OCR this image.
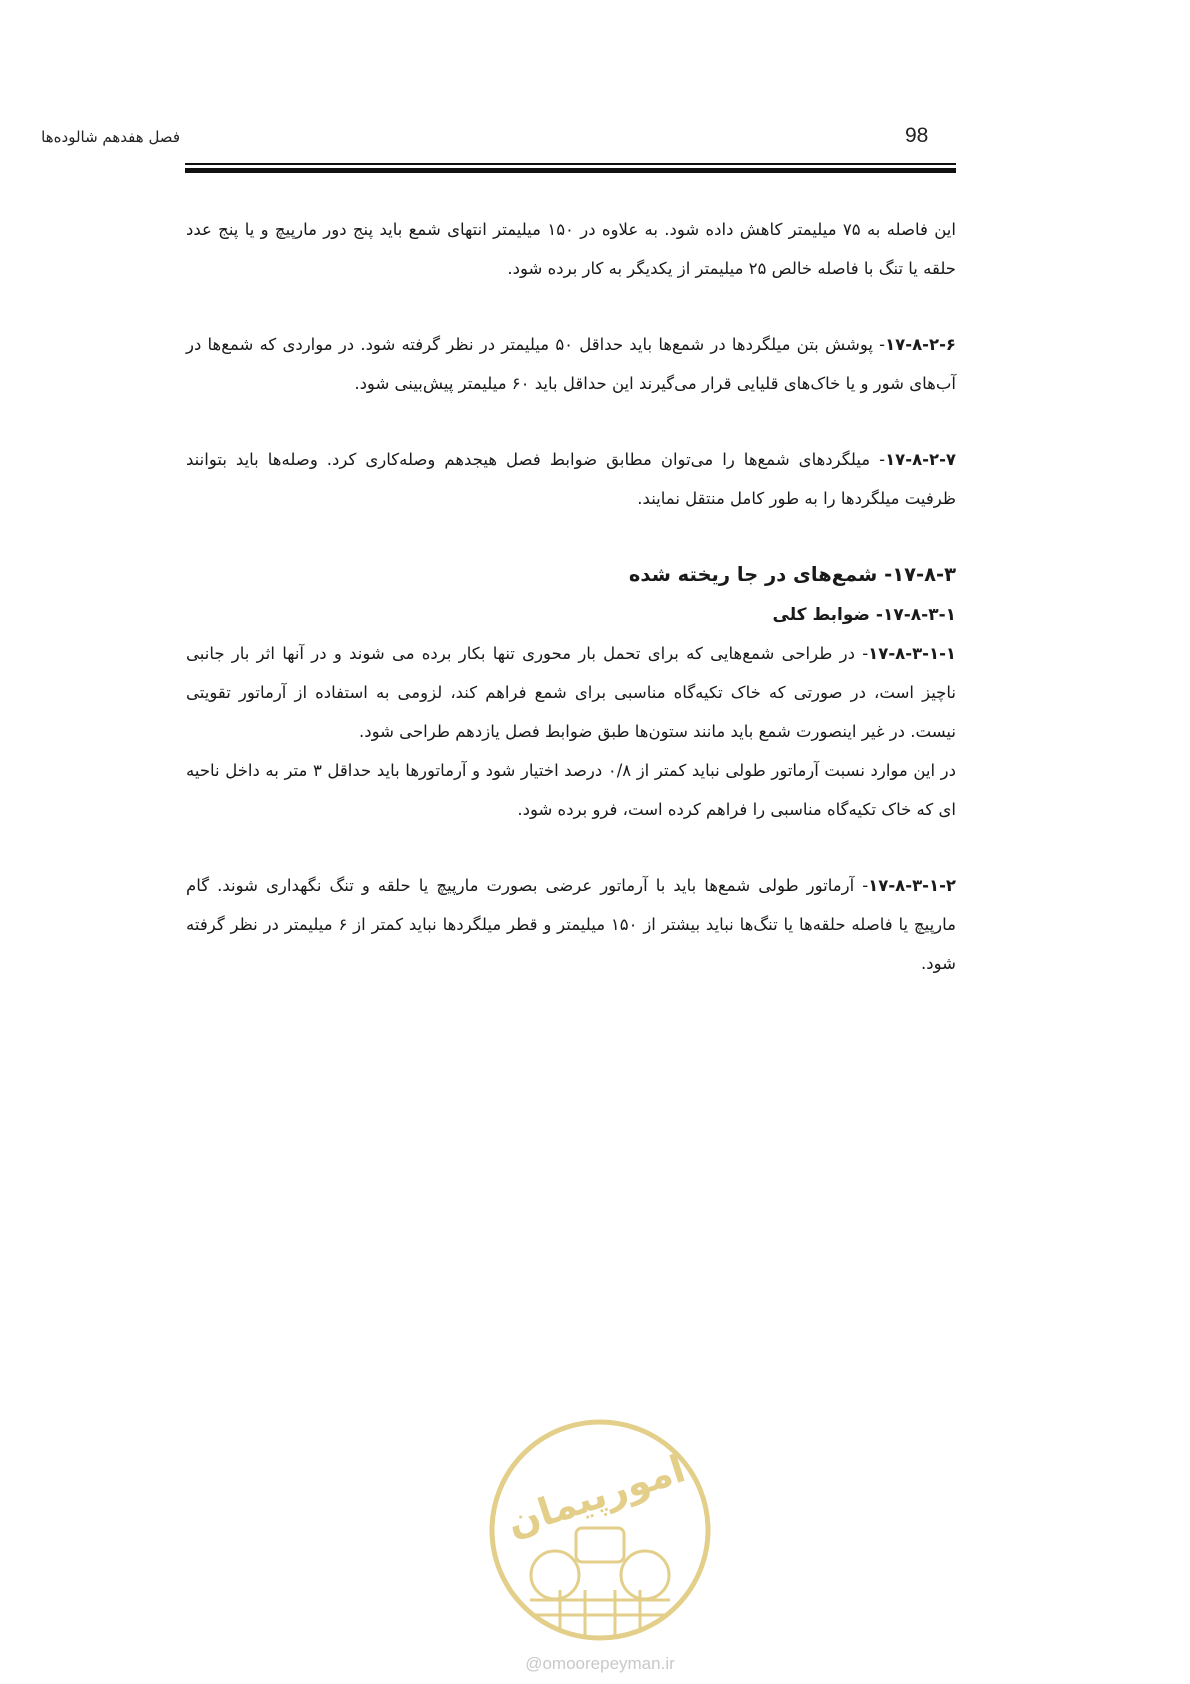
98
فصل هفدهم شالوده‌ها

این فاصله به ۷۵ میلیمتر کاهش داده شود. به علاوه در ۱۵۰ میلیمتر انتهای شمع باید پنج دور مارپیچ و یا پنج عدد حلقه یا تنگ با فاصله خالص ۲۵ میلیمتر از یکدیگر به کار برده شود.

۱۷-۸-۲-۶- پوشش بتن میلگردها در شمع‌ها باید حداقل ۵۰ میلیمتر در نظر گرفته شود. در مواردی که شمع‌ها در آب‌های شور و یا خاک‌های قلیایی قرار می‌گیرند این حداقل باید ۶۰ میلیمتر پیش‌بینی شود.

۱۷-۸-۲-۷- میلگردهای شمع‌ها را می‌توان مطابق ضوابط فصل هیجدهم وصله‌کاری کرد. وصله‌ها باید بتوانند ظرفیت میلگردها را به طور کامل منتقل نمایند.

۱۷-۸-۳- شمع‌های در جا ریخته شده
۱۷-۸-۳-۱- ضوابط کلی

۱۷-۸-۳-۱-۱- در طراحی شمع‌هایی که برای تحمل بار محوری تنها بکار برده می شوند و در آنها اثر بار جانبی ناچیز است، در صورتی که خاک تکیه‌گاه مناسبی برای شمع فراهم کند، لزومی به استفاده از آرماتور تقویتی نیست. در غیر اینصورت شمع باید مانند ستون‌ها طبق ضوابط فصل یازدهم طراحی شود.

در این موارد نسبت آرماتور طولی نباید کمتر از ۰/۸ درصد اختیار شود و آرماتورها باید حداقل ۳ متر به داخل ناحیه ای که خاک تکیه‌گاه مناسبی را فراهم کرده است، فرو برده شود.

۱۷-۸-۳-۱-۲- آرماتور طولی شمع‌ها باید با آرماتور عرضی بصورت مارپیچ یا حلقه و تنگ نگهداری شوند. گام مارپیچ یا فاصله حلقه‌ها یا تنگ‌ها نباید بیشتر از ۱۵۰ میلیمتر و قطر میلگردها نباید کمتر از ۶ میلیمتر در نظر گرفته شود.

امورپیمان
@omoorepeyman.ir
